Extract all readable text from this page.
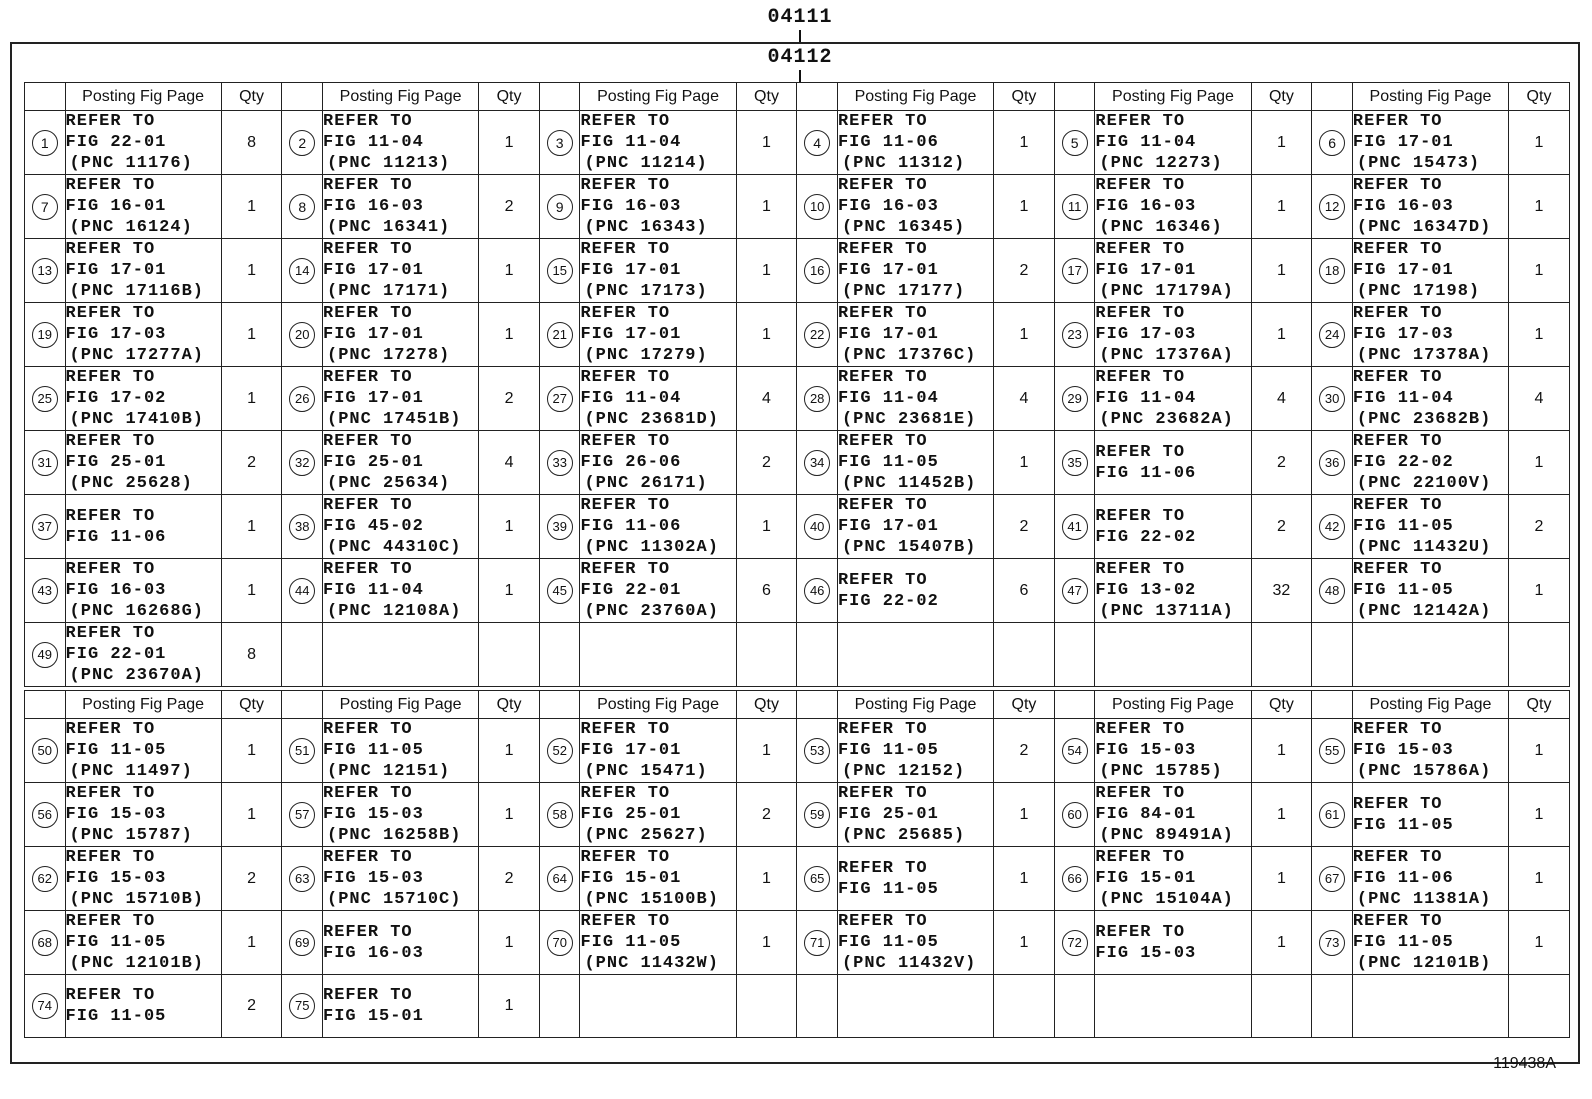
04111
04112
	Posting Fig Page	Qty		Posting Fig Page	Qty		Posting Fig Page	Qty		Posting Fig Page	Qty		Posting Fig Page	Qty		Posting Fig Page	Qty
1	REFER TO
FIG 22-01
(PNC 11176)	8	2	REFER TO
FIG 11-04
(PNC 11213)	1	3	REFER TO
FIG 11-04
(PNC 11214)	1	4	REFER TO
FIG 11-06
(PNC 11312)	1	5	REFER TO
FIG 11-04
(PNC 12273)	1	6	REFER TO
FIG 17-01
(PNC 15473)	1
7	REFER TO
FIG 16-01
(PNC 16124)	1	8	REFER TO
FIG 16-03
(PNC 16341)	2	9	REFER TO
FIG 16-03
(PNC 16343)	1	10	REFER TO
FIG 16-03
(PNC 16345)	1	11	REFER TO
FIG 16-03
(PNC 16346)	1	12	REFER TO
FIG 16-03
(PNC 16347D)	1
13	REFER TO
FIG 17-01
(PNC 17116B)	1	14	REFER TO
FIG 17-01
(PNC 17171)	1	15	REFER TO
FIG 17-01
(PNC 17173)	1	16	REFER TO
FIG 17-01
(PNC 17177)	2	17	REFER TO
FIG 17-01
(PNC 17179A)	1	18	REFER TO
FIG 17-01
(PNC 17198)	1
19	REFER TO
FIG 17-03
(PNC 17277A)	1	20	REFER TO
FIG 17-01
(PNC 17278)	1	21	REFER TO
FIG 17-01
(PNC 17279)	1	22	REFER TO
FIG 17-01
(PNC 17376C)	1	23	REFER TO
FIG 17-03
(PNC 17376A)	1	24	REFER TO
FIG 17-03
(PNC 17378A)	1
25	REFER TO
FIG 17-02
(PNC 17410B)	1	26	REFER TO
FIG 17-01
(PNC 17451B)	2	27	REFER TO
FIG 11-04
(PNC 23681D)	4	28	REFER TO
FIG 11-04
(PNC 23681E)	4	29	REFER TO
FIG 11-04
(PNC 23682A)	4	30	REFER TO
FIG 11-04
(PNC 23682B)	4
31	REFER TO
FIG 25-01
(PNC 25628)	2	32	REFER TO
FIG 25-01
(PNC 25634)	4	33	REFER TO
FIG 26-06
(PNC 26171)	2	34	REFER TO
FIG 11-05
(PNC 11452B)	1	35	REFER TO
FIG 11-06	2	36	REFER TO
FIG 22-02
(PNC 22100V)	1
37	REFER TO
FIG 11-06	1	38	REFER TO
FIG 45-02
(PNC 44310C)	1	39	REFER TO
FIG 11-06
(PNC 11302A)	1	40	REFER TO
FIG 17-01
(PNC 15407B)	2	41	REFER TO
FIG 22-02	2	42	REFER TO
FIG 11-05
(PNC 11432U)	2
43	REFER TO
FIG 16-03
(PNC 16268G)	1	44	REFER TO
FIG 11-04
(PNC 12108A)	1	45	REFER TO
FIG 22-01
(PNC 23760A)	6	46	REFER TO
FIG 22-02	6	47	REFER TO
FIG 13-02
(PNC 13711A)	32	48	REFER TO
FIG 11-05
(PNC 12142A)	1
49	REFER TO
FIG 22-01
(PNC 23670A)	8															
	Posting Fig Page	Qty		Posting Fig Page	Qty		Posting Fig Page	Qty		Posting Fig Page	Qty		Posting Fig Page	Qty		Posting Fig Page	Qty
50	REFER TO
FIG 11-05
(PNC 11497)	1	51	REFER TO
FIG 11-05
(PNC 12151)	1	52	REFER TO
FIG 17-01
(PNC 15471)	1	53	REFER TO
FIG 11-05
(PNC 12152)	2	54	REFER TO
FIG 15-03
(PNC 15785)	1	55	REFER TO
FIG 15-03
(PNC 15786A)	1
56	REFER TO
FIG 15-03
(PNC 15787)	1	57	REFER TO
FIG 15-03
(PNC 16258B)	1	58	REFER TO
FIG 25-01
(PNC 25627)	2	59	REFER TO
FIG 25-01
(PNC 25685)	1	60	REFER TO
FIG 84-01
(PNC 89491A)	1	61	REFER TO
FIG 11-05	1
62	REFER TO
FIG 15-03
(PNC 15710B)	2	63	REFER TO
FIG 15-03
(PNC 15710C)	2	64	REFER TO
FIG 15-01
(PNC 15100B)	1	65	REFER TO
FIG 11-05	1	66	REFER TO
FIG 15-01
(PNC 15104A)	1	67	REFER TO
FIG 11-06
(PNC 11381A)	1
68	REFER TO
FIG 11-05
(PNC 12101B)	1	69	REFER TO
FIG 16-03	1	70	REFER TO
FIG 11-05
(PNC 11432W)	1	71	REFER TO
FIG 11-05
(PNC 11432V)	1	72	REFER TO
FIG 15-03	1	73	REFER TO
FIG 11-05
(PNC 12101B)	1
74	REFER TO
FIG 11-05	2	75	REFER TO
FIG 15-01	1												
119438A
